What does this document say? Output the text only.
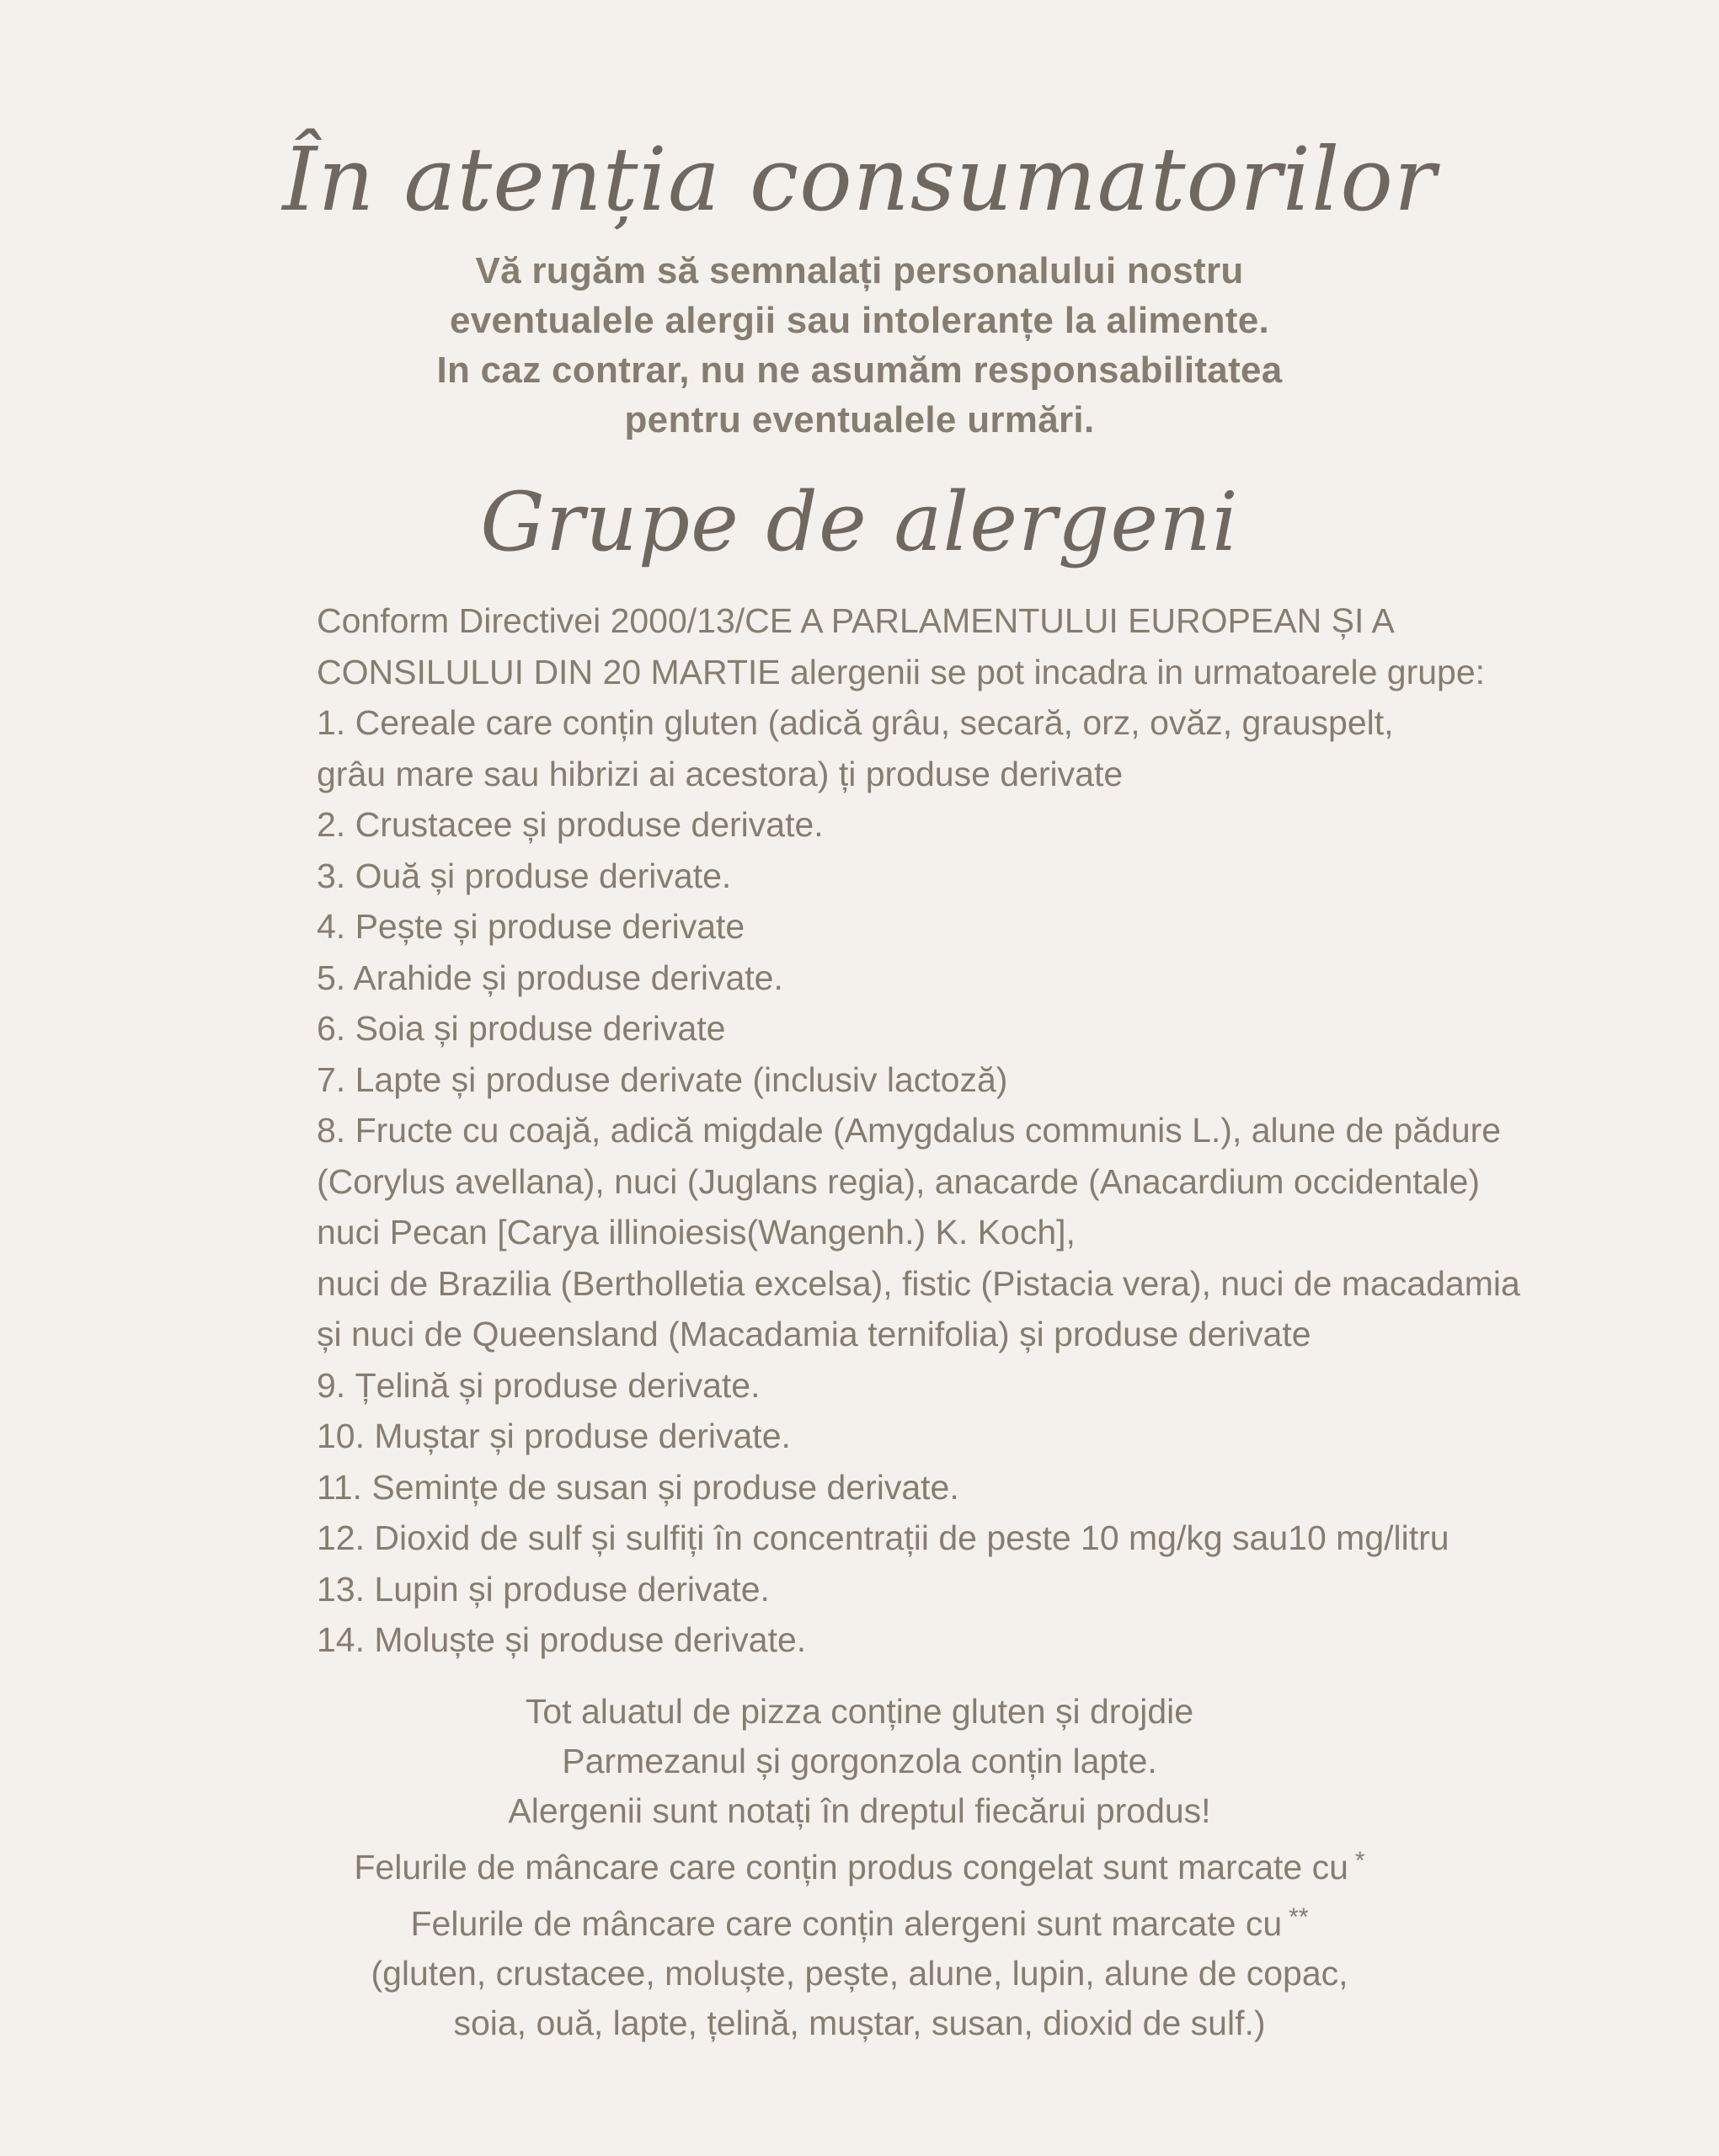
În atenția consumatorilor
Vă rugăm să semnalați personalului nostru
eventualele alergii sau intoleranțe la alimente.
In caz contrar, nu ne asumăm responsabilitatea
pentru eventualele urmări.
Grupe de alergeni
Conform Directivei 2000/13/CE A PARLAMENTULUI EUROPEAN ȘI A
CONSILULUI DIN 20 MARTIE alergenii se pot incadra in urmatoarele grupe:
1. Cereale care conțin gluten (adică grâu, secară, orz, ovăz, grauspelt,
grâu mare sau hibrizi ai acestora) ți produse derivate
2. Crustacee și produse derivate.
3. Ouă și produse derivate.
4. Pește și produse derivate
5. Arahide și produse derivate.
6. Soia și produse derivate
7. Lapte și produse derivate (inclusiv lactoză)
8. Fructe cu coajă, adică migdale (Amygdalus communis L.), alune de pădure
(Corylus avellana), nuci (Juglans regia), anacarde (Anacardium occidentale)
nuci Pecan [Carya illinoiesis(Wangenh.) K. Koch],
nuci de Brazilia (Bertholletia excelsa), fistic (Pistacia vera), nuci de macadamia
și nuci de Queensland (Macadamia ternifolia) și produse derivate
9. Țelină și produse derivate.
10. Muștar și produse derivate.
11. Semințe de susan și produse derivate.
12. Dioxid de sulf și sulfiți în concentrații de peste 10 mg/kg sau10 mg/litru
13. Lupin și produse derivate.
14. Moluște și produse derivate.
Tot aluatul de pizza conține gluten și drojdie
Parmezanul și gorgonzola conțin lapte.
Alergenii sunt notați în dreptul fiecărui produs!
Felurile de mâncare care conțin produs congelat sunt marcate cu *
Felurile de mâncare care conțin alergeni sunt marcate cu **
(gluten, crustacee, moluște, pește, alune, lupin, alune de copac,
soia, ouă, lapte, țelină, muștar, susan, dioxid de sulf.)
